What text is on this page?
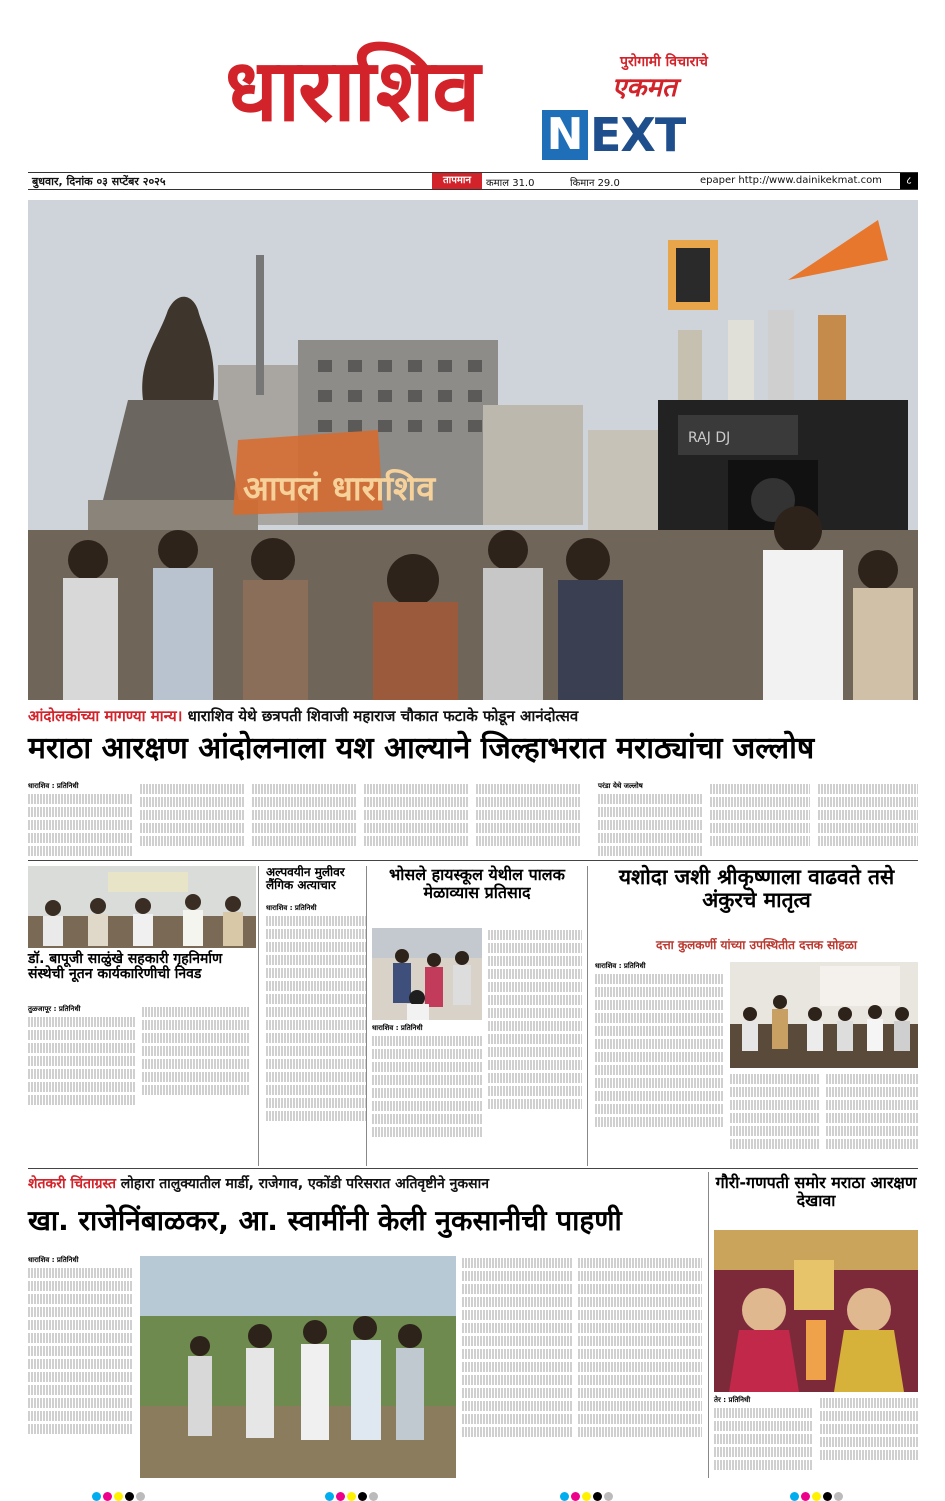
धाराशिव	पुरोगामी विचाराचे
एकमत
N EXT
बुधवार, दिनांक ०३ सप्टेंबर २०२५	तापमान	कमाल 31.0	किमान 29.0	epaper http://www.dainikekmat.com	८
आपलं धाराशिव
RAJ DJ
आंदोलकांच्या मागण्या मान्य। धाराशिव येथे छत्रपती शिवाजी महाराज चौकात फटाके फोडून आनंदोत्सव
मराठा आरक्षण आंदोलनाला यश आल्याने जिल्हाभरात मराठ्यांचा जल्लोष
धाराशिव : प्रतिनिधी	परंडा येथे जल्लोष
डॉ. बापूजी साळुंखे सहकारी गृहनिर्माण संस्थेची नूतन कार्यकारिणीची निवड
तुळजापूर : प्रतिनिधी
अल्पवयीन मुलीवर लैंगिक अत्याचार
धाराशिव : प्रतिनिधी
भोसले हायस्कूल येथील पालक मेळाव्यास प्रतिसाद
धाराशिव : प्रतिनिधी
यशोदा जशी श्रीकृष्णाला वाढवते तसे अंकुरचे मातृत्व
दत्ता कुलकर्णी यांच्या उपस्थितीत दत्तक सोहळा
धाराशिव : प्रतिनिधी
शेतकरी चिंताग्रस्त लोहारा तालुक्यातील मार्डी, राजेगाव, एकोंडी परिसरात अतिवृष्टीने नुकसान
खा. राजेनिंबाळकर, आ. स्वामींनी केली नुकसानीची पाहणी
धाराशिव : प्रतिनिधी
गौरी-गणपती समोर मराठा आरक्षण देखावा
तेर : प्रतिनिधी
